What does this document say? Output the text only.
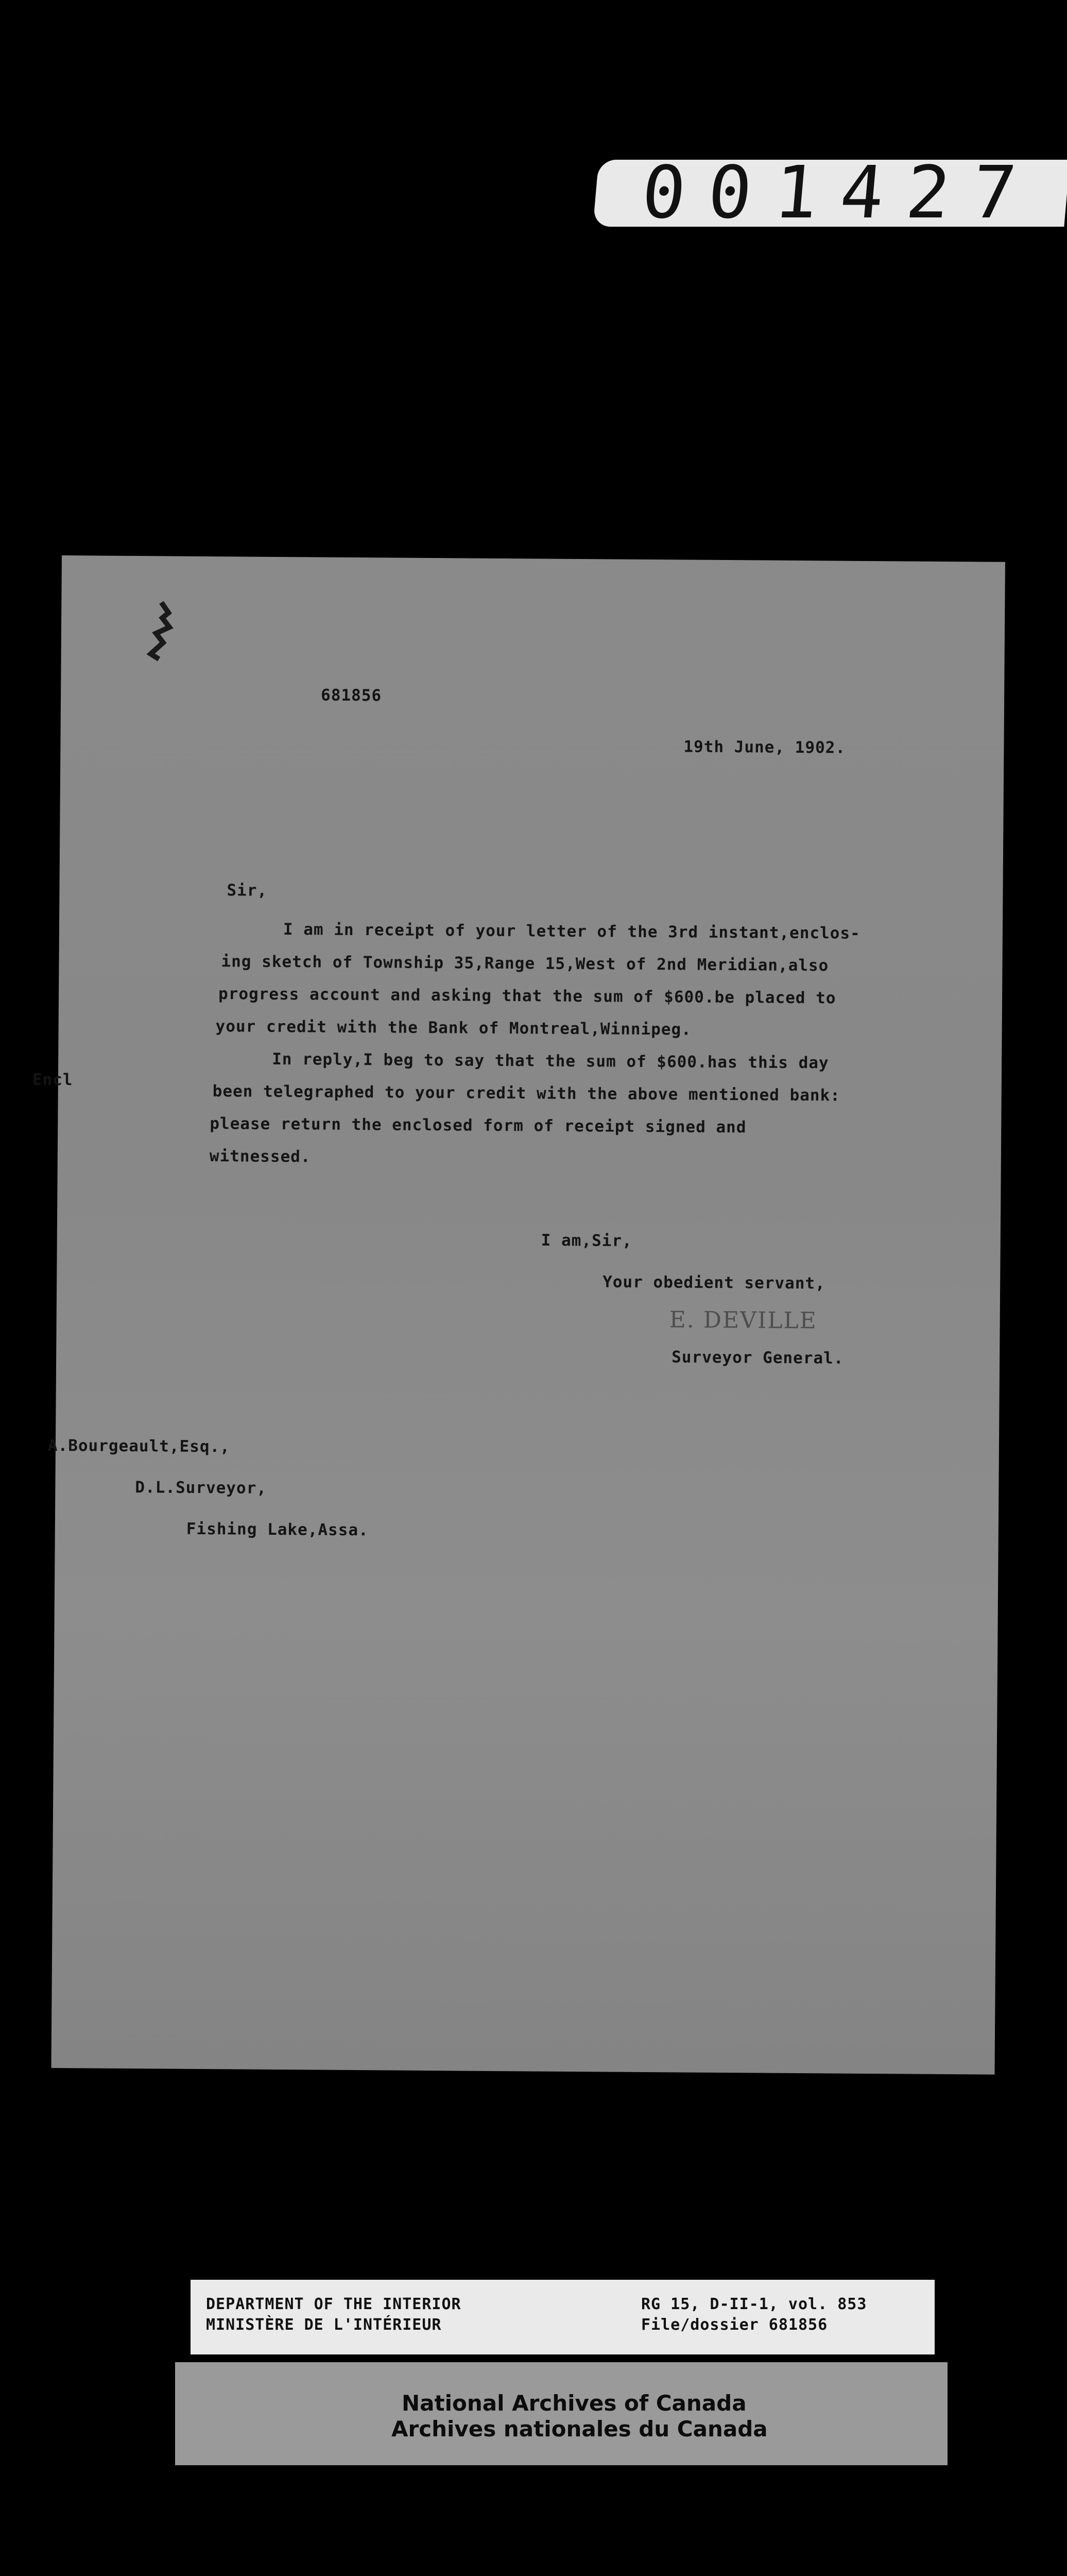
001427
681856
19th June, 1902.
Sir,
I am in receipt of your letter of the 3rd instant,enclos-
ing sketch of Township 35,Range 15,West of 2nd Meridian,also
progress account and asking that the sum of $600.be placed to
your credit with the Bank of Montreal,Winnipeg.
In reply,I beg to say that the sum of $600.has this day
Encl
been telegraphed to your credit with the above mentioned bank:
please return the enclosed form of receipt signed and
witnessed.
I am,Sir,
Your obedient servant,
E. DEVILLE
Surveyor General.
A.Bourgeault,Esq.,
D.L.Surveyor,
Fishing Lake,Assa.
DEPARTMENT OF THE INTERIOR
MINISTÈRE DE L'INTÉRIEUR
RG 15, D-II-1, vol. 853
File/dossier 681856
National Archives of Canada
Archives nationales du Canada
